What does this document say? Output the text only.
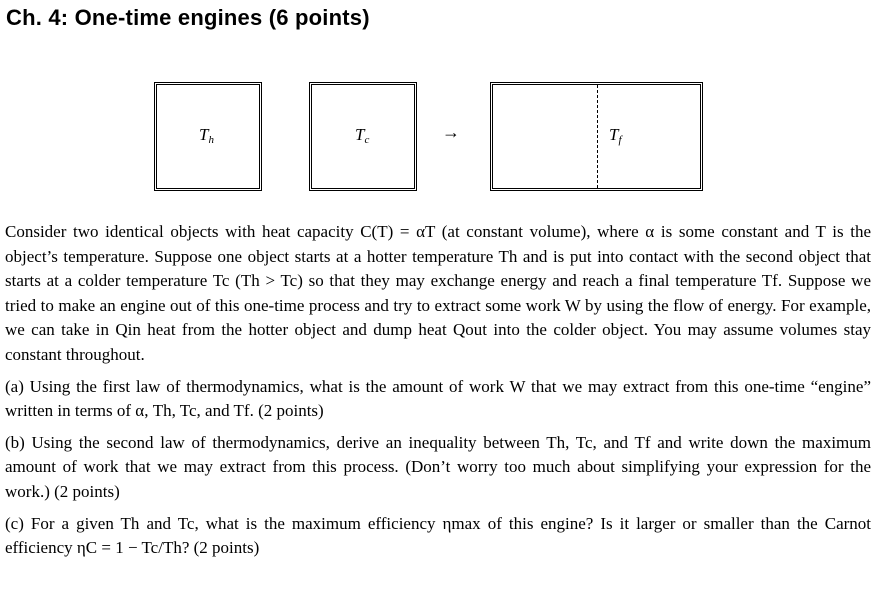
Ch. 4: One-time engines (6 points)
$T_h$	$T_c$	→	$T_f$

Consider two identical objects with heat capacity C(T) = αT (at constant volume), where α is some constant and T is the object’s temperature. Suppose one object starts at a hotter temperature Th and is put into contact with the second object that starts at a colder temperature Tc (Th > Tc) so that they may exchange energy and reach a final temperature Tf. Suppose we tried to make an engine out of this one-time process and try to extract some work W by using the flow of energy. For example, we can take in Qin heat from the hotter object and dump heat Qout into the colder object. You may assume volumes stay constant throughout.

(a) Using the first law of thermodynamics, what is the amount of work W that we may extract from this one-time “engine” written in terms of α, Th, Tc, and Tf. (2 points)

(b) Using the second law of thermodynamics, derive an inequality between Th, Tc, and Tf and write down the maximum amount of work that we may extract from this process. (Don’t worry too much about simplifying your expression for the work.) (2 points)

(c) For a given Th and Tc, what is the maximum efficiency ηmax of this engine? Is it larger or smaller than the Carnot efficiency ηC = 1 − Tc/Th? (2 points)
